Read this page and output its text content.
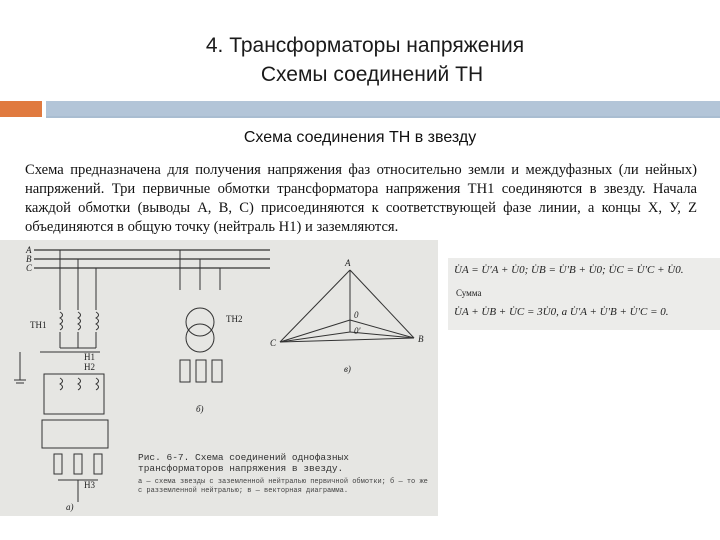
4. Трансформаторы напряжения
Схемы соединений ТН
Схема соединения ТН в звезду
Схема предназначена для получения напряжения фаз относительно земли и междуфазных (ли нейных) напряжений. Три первичные обмотки трансформатора напряжения ТН1 соединяются в звезду. Начала каждой обмотки (выводы А, В, С) присоединяются к соответствующей фазе линии, а концы X, У, Z объединяются в общую точку (нейтраль Н1) и заземляются.
A
B
C
ТН1
Н1
Н2
Н3
а)
ТН2
б)
A
B
C
0
0'
в)
Рис. 6-7. Схема соединений однофазных трансформаторов напряжения в звезду.
а — схема звезды с заземленной нейтралью первичной обмотки; б — то же с разземленной нейтралью; в — векторная диаграмма.
U̇A = U̇′A + U̇0; U̇B = U̇′B + U̇0; U̇C = U̇′C + U̇0.
Сумма
U̇A + U̇B + U̇C = 3U̇0, а U̇′A + U̇′B + U̇′C = 0.
